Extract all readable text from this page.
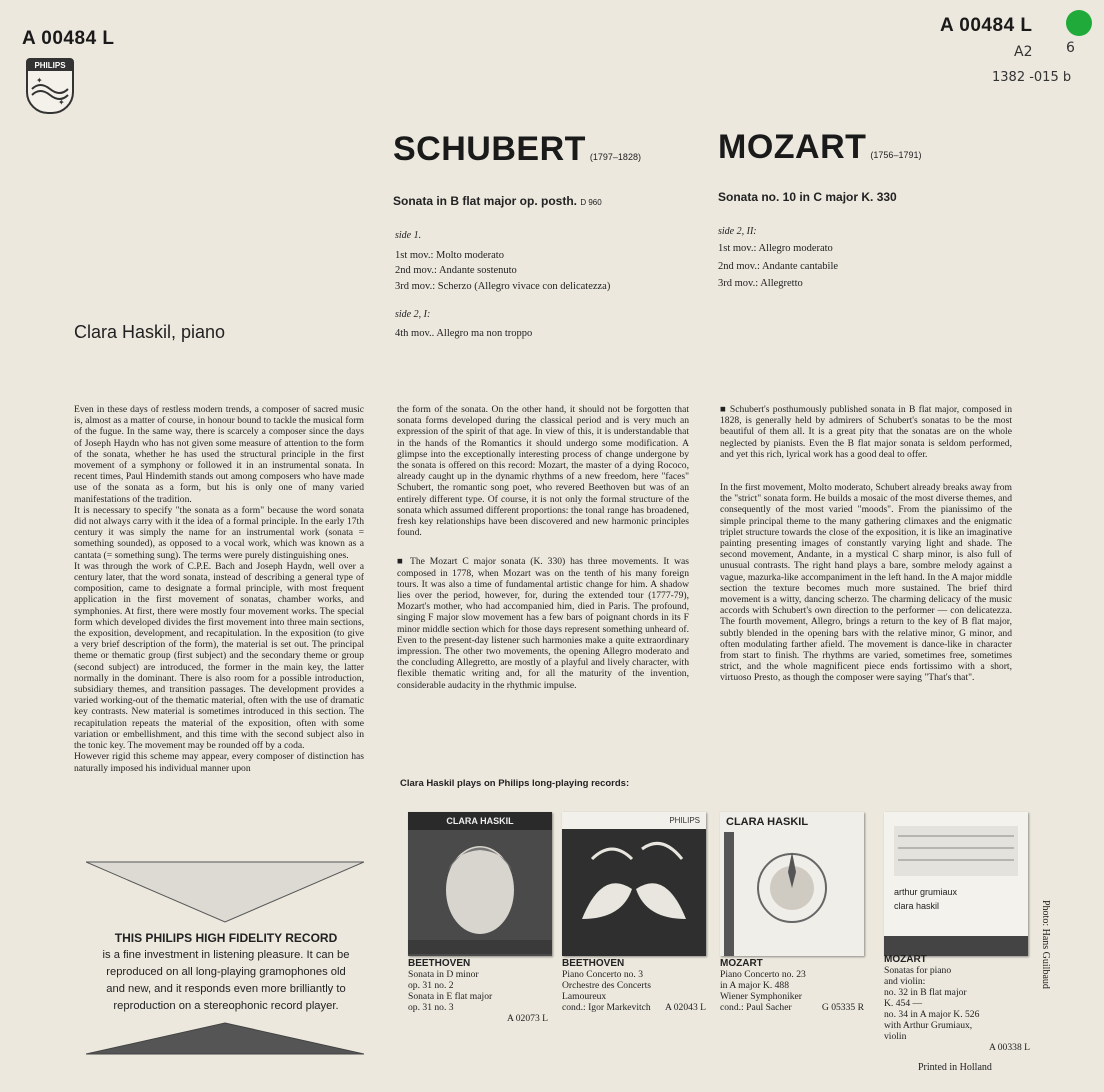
A 00484 L
A 00484 L
A2 6
1382 -015 b
PHILIPS
✦
✦
SCHUBERT (1797–1828)
Sonata in B flat major op. posth. D 960
side 1.
1st mov.: Molto moderato
2nd mov.: Andante sostenuto
3rd mov.: Scherzo (Allegro vivace con delicatezza)
side 2, I:
4th mov.. Allegro ma non troppo
MOZART (1756–1791)
Sonata no. 10 in C major K. 330
side 2, II:
1st mov.: Allegro moderato
2nd mov.: Andante cantabile
3rd mov.: Allegretto
Clara Haskil, piano

Even in these days of restless modern trends, a composer of sacred music is, almost as a matter of course, in honour bound to tackle the musical form of the fugue. In the same way, there is scarcely a composer since the days of Joseph Haydn who has not given some measure of attention to the form of the sonata, whether he has used the structural principle in the first movement of a symphony or followed it in an instrumental sonata. In recent times, Paul Hindemith stands out among composers who have made use of the sonata as a form, but his is only one of many varied manifestations of the tradition.

It is necessary to specify "the sonata as a form" because the word sonata did not always carry with it the idea of a formal principle. In the early 17th century it was simply the name for an instrumental work (sonata = something sounded), as opposed to a vocal work, which was known as a cantata (= something sung). The terms were purely distinguishing ones.

It was through the work of C.P.E. Bach and Joseph Haydn, well over a century later, that the word sonata, instead of describing a general type of composition, came to designate a formal principle, with most frequent application in the first movement of sonatas, chamber works, and symphonies. At first, there were mostly four movement works. The special form which developed divides the first movement into three main sections, the exposition, development, and recapitulation. In the exposition (to give a very brief description of the form), the material is set out. The principal theme or thematic group (first subject) and the secondary theme or group (second subject) are introduced, the former in the main key, the latter normally in the dominant. There is also room for a possible introduction, subsidiary themes, and transition passages. The development provides a varied working-out of the thematic material, often with the use of dramatic key contrasts. New material is sometimes introduced in this section. The recapitulation repeats the material of the exposition, often with some variation or embellishment, and this time with the second subject also in the tonic key. The movement may be rounded off by a coda.

However rigid this scheme may appear, every composer of distinction has naturally imposed his individual manner upon

the form of the sonata. On the other hand, it should not be forgotten that sonata forms developed during the classical period and is very much an expression of the spirit of that age. In view of this, it is understandable that in the hands of the Romantics it should undergo some modification. A glimpse into the exceptionally interesting process of change undergone by the sonata is offered on this record: Mozart, the master of a dying Rococo, already caught up in the dynamic rhythms of a new freedom, here "faces" Schubert, the romantic song poet, who revered Beethoven but was of an entirely different type. Of course, it is not only the formal structure of the sonata which assumed different proportions: the tonal range has broadened, fresh key relationships have been discovered and new harmonic principles found.

■ The Mozart C major sonata (K. 330) has three movements. It was composed in 1778, when Mozart was on the tenth of his many foreign tours. It was also a time of fundamental artistic change for him. A shadow lies over the period, however, for, during the extended tour (1777-79), Mozart's mother, who had accompanied him, died in Paris. The profound, singing F major slow movement has a few bars of poignant chords in its F minor middle section which for those days represent something unheard of. Even to the present-day listener such harmonies make a quite extraordinary impression. The other two movements, the opening Allegro moderato and the concluding Allegretto, are mostly of a playful and lively character, with flexible thematic writing and, for all the maturity of the invention, considerable audacity in the rhythmic impulse.

■ Schubert's posthumously published sonata in B flat major, composed in 1828, is generally held by admirers of Schubert's sonatas to be the most beautiful of them all. It is a great pity that the sonatas are on the whole neglected by pianists. Even the B flat major sonata is seldom performed, and yet this rich, lyrical work has a good deal to offer.

In the first movement, Molto moderato, Schubert already breaks away from the "strict" sonata form. He builds a mosaic of the most diverse themes, and consequently of the most varied "moods". From the pianissimo of the simple principal theme to the many gathering climaxes and the enigmatic triplet structure towards the close of the exposition, it is like an imaginative painting presenting images of constantly varying light and shade. The second movement, Andante, in a mystical C sharp minor, is also full of unusual contrasts. The right hand plays a bare, sombre melody against a vague, mazurka-like accompaniment in the left hand. In the A major middle section the texture becomes much more sustained. The brief third movement is a witty, dancing scherzo. The charming delicacy of the music accords with Schubert's own direction to the performer — con delicatezza. The fourth movement, Allegro, brings a return to the key of B flat major, subtly blended in the opening bars with the relative minor, G minor, and often modulating farther afield. The movement is dance-like in character from start to finish. The rhythms are varied, sometimes free, sometimes strict, and the whole magnificent piece ends fortissimo with a short, virtuoso Presto, as though the composer were saying "That's that".

THIS PHILIPS HIGH FIDELITY RECORD
is a fine investment in listening pleasure. It can be
reproduced on all long-playing gramophones old
and new, and it responds even more brilliantly to
reproduction on a stereophonic record player.
Clara Haskil plays on Philips long-playing records:
CLARA HASKIL	PHILIPS	CLARA HASKIL
arthur grumiaux
clara haskil
BEETHOVEN
Sonata in D minor
op. 31 no. 2
Sonata in E flat major
op. 31 no. 3
A 02073 L
BEETHOVEN
Piano Concerto no. 3
Orchestre des Concerts
Lamoureux
cond.: Igor Markevitch	A 02043 L
MOZART
Piano Concerto no. 23
in A major K. 488
Wiener Symphoniker
cond.: Paul Sacher	G 05335 R
MOZART
Sonatas for piano
and violin:
no. 32 in B flat major
K. 454 —
no. 34 in A major K. 526
with Arthur Grumiaux,
violin
A 00338 L
Photo: Hans Guilbaud
Printed in Holland
